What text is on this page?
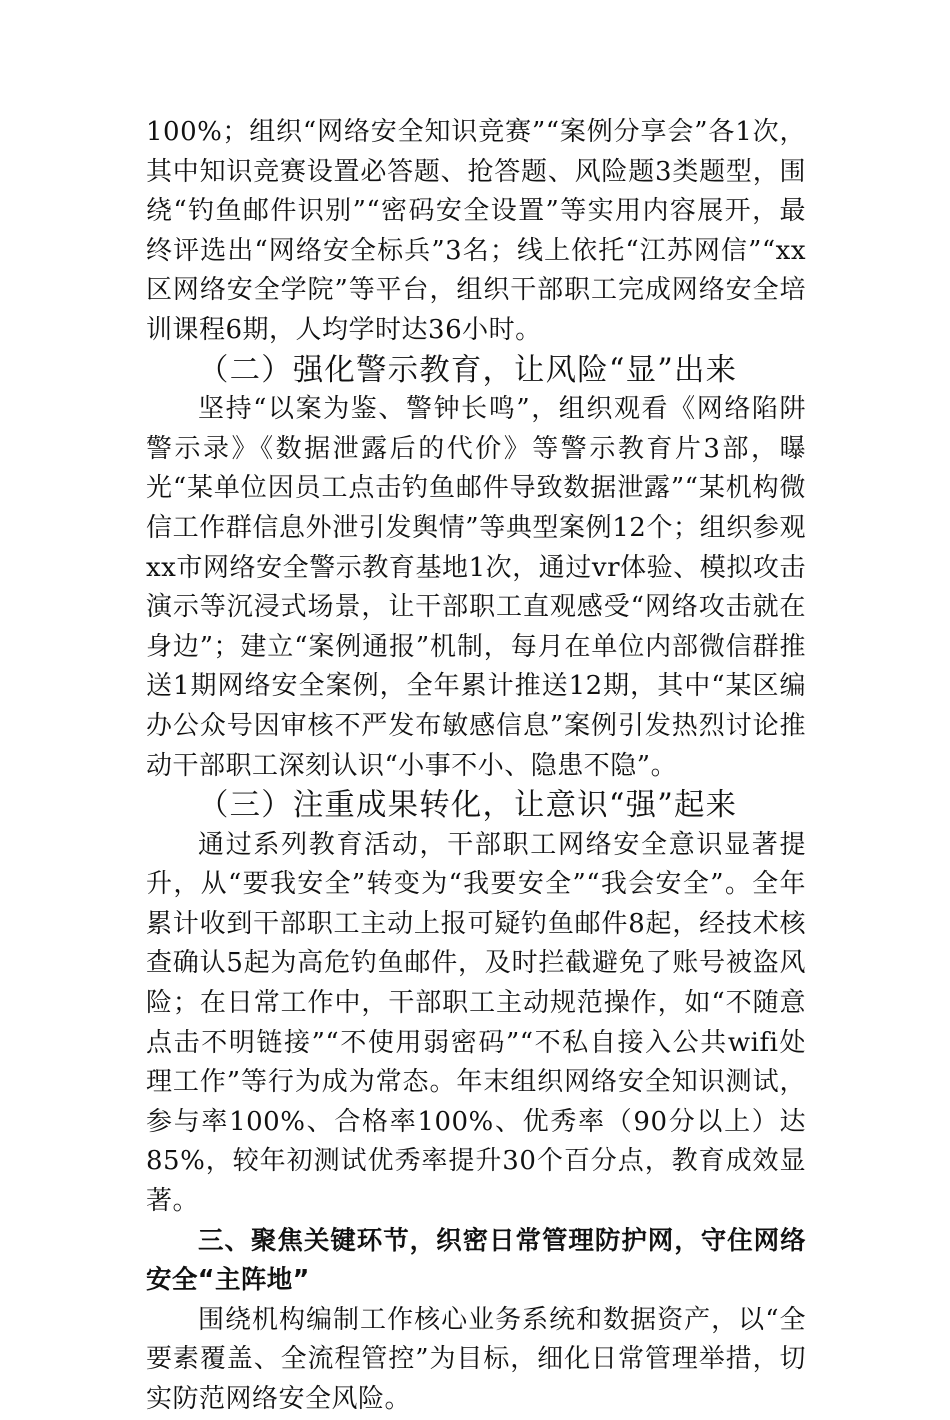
100%；组织“网络安全知识竞赛”“案例分享会”各1次，其中知识竞赛设置必答题、抢答题、风险题3类题型，围绕“钓鱼邮件识别”“密码安全设置”等实用内容展开，最终评选出“网络安全标兵”3名；线上依托“江苏网信”“xx区网络安全学院”等平台，组织干部职工完成网络安全培训课程6期，人均学时达36小时。

（二）强化警示教育，让风险“显”出来

坚持“以案为鉴、警钟长鸣”，组织观看《网络陷阱警示录》《数据泄露后的代价》等警示教育片3部，曝光“某单位因员工点击钓鱼邮件导致数据泄露”“某机构微信工作群信息外泄引发舆情”等典型案例12个；组织参观xx市网络安全警示教育基地1次，通过vr体验、模拟攻击演示等沉浸式场景，让干部职工直观感受“网络攻击就在身边”；建立“案例通报”机制，每月在单位内部微信群推送1期网络安全案例，全年累计推送12期，其中“某区编办公众号因审核不严发布敏感信息”案例引发热烈讨论推动干部职工深刻认识“小事不小、隐患不隐”。

（三）注重成果转化，让意识“强”起来

通过系列教育活动，干部职工网络安全意识显著提升，从“要我安全”转变为“我要安全”“我会安全”。全年累计收到干部职工主动上报可疑钓鱼邮件8起，经技术核查确认5起为高危钓鱼邮件，及时拦截避免了账号被盗风险；在日常工作中，干部职工主动规范操作，如“不随意点击不明链接”“不使用弱密码”“不私自接入公共wifi处理工作”等行为成为常态。年末组织网络安全知识测试，参与率100%、合格率100%、优秀率（90分以上）达85%，较年初测试优秀率提升30个百分点，教育成效显著。

三、聚焦关键环节，织密日常管理防护网，守住网络安全“主阵地”

围绕机构编制工作核心业务系统和数据资产，以“全要素覆盖、全流程管控”为目标，细化日常管理举措，切实防范网络安全风险。
